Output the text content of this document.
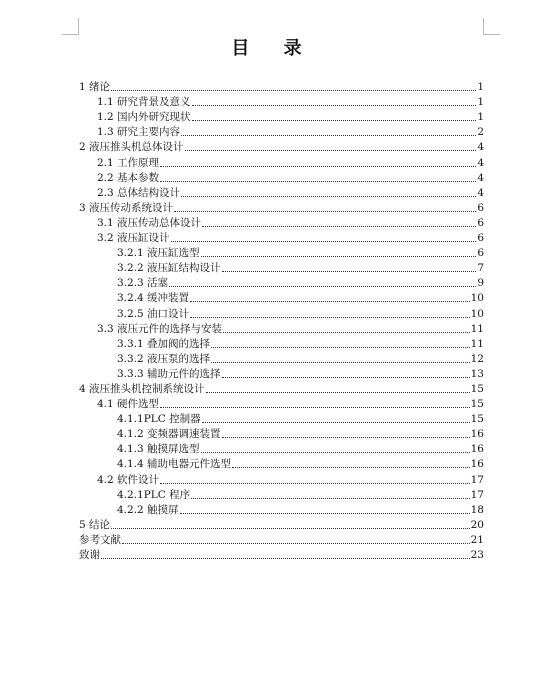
目 录
1 绪论	1
1.1 研究背景及意义	1
1.2 国内外研究现状	1
1.3 研究主要内容	2
2 液压推头机总体设计	4
2.1 工作原理	4
2.2 基本参数	4
2.3 总体结构设计	4
3 液压传动系统设计	6
3.1 液压传动总体设计	6
3.2 液压缸设计	6
3.2.1 液压缸选型	6
3.2.2 液压缸结构设计	7
3.2.3 活塞	9
3.2.4 缓冲装置	10
3.2.5 油口设计	10
3.3 液压元件的选择与安装	11
3.3.1 叠加阀的选择	11
3.3.2 液压泵的选择	12
3.3.3 辅助元件的选择	13
4 液压推头机控制系统设计	15
4.1 硬件选型	15
4.1.1PLC 控制器	15
4.1.2 变频器调速装置	16
4.1.3 触摸屏选型	16
4.1.4 辅助电器元件选型	16
4.2 软件设计	17
4.2.1PLC 程序	17
4.2.2 触摸屏	18
5 结论	20
参考文献	21
致谢	23
